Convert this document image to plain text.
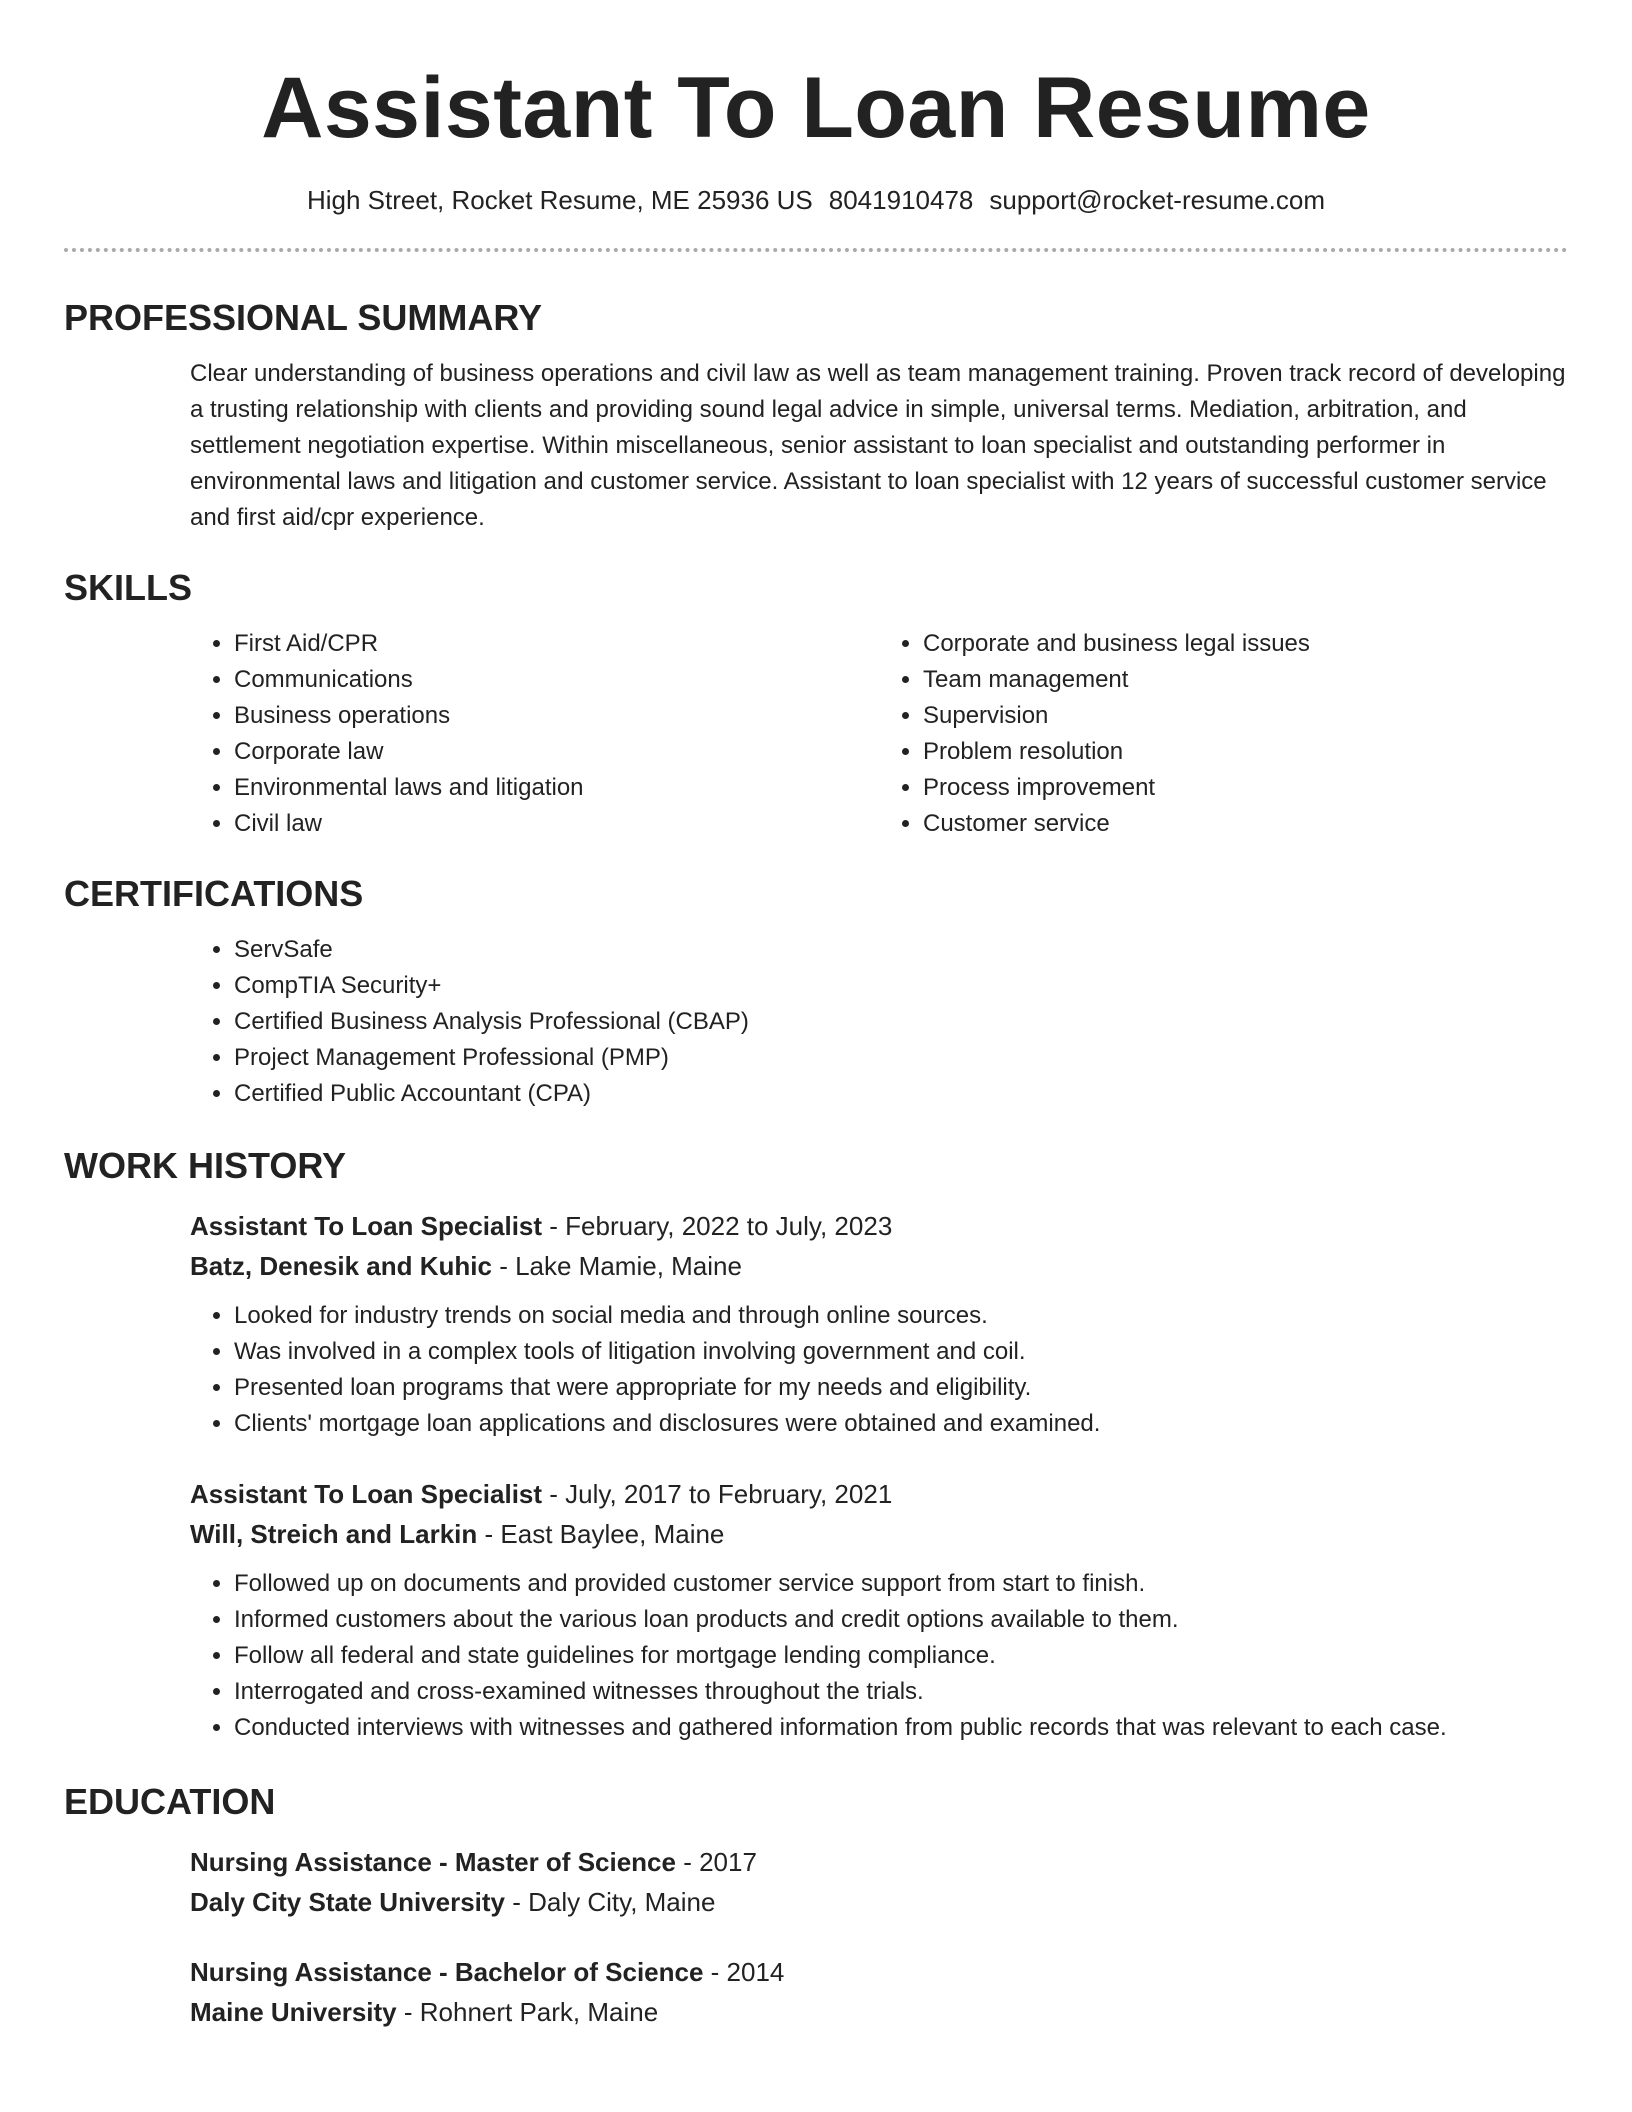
Assistant To Loan Resume
High Street, Rocket Resume, ME 25936 US 8041910478 support@rocket-resume.com
PROFESSIONAL SUMMARY
Clear understanding of business operations and civil law as well as team management training. Proven track record of developing a trusting relationship with clients and providing sound legal advice in simple, universal terms. Mediation, arbitration, and settlement negotiation expertise. Within miscellaneous, senior assistant to loan specialist and outstanding performer in environmental laws and litigation and customer service. Assistant to loan specialist with 12 years of successful customer service and first aid/cpr experience.
SKILLS
• First Aid/CPR
• Communications
• Business operations
• Corporate law
• Environmental laws and litigation
• Civil law
• Corporate and business legal issues
• Team management
• Supervision
• Problem resolution
• Process improvement
• Customer service
CERTIFICATIONS
• ServSafe
• CompTIA Security+
• Certified Business Analysis Professional (CBAP)
• Project Management Professional (PMP)
• Certified Public Accountant (CPA)
WORK HISTORY
Assistant To Loan Specialist - February, 2022 to July, 2023
Batz, Denesik and Kuhic - Lake Mamie, Maine
• Looked for industry trends on social media and through online sources.
• Was involved in a complex tools of litigation involving government and coil.
• Presented loan programs that were appropriate for my needs and eligibility.
• Clients' mortgage loan applications and disclosures were obtained and examined.
Assistant To Loan Specialist - July, 2017 to February, 2021
Will, Streich and Larkin - East Baylee, Maine
• Followed up on documents and provided customer service support from start to finish.
• Informed customers about the various loan products and credit options available to them.
• Follow all federal and state guidelines for mortgage lending compliance.
• Interrogated and cross-examined witnesses throughout the trials.
• Conducted interviews with witnesses and gathered information from public records that was relevant to each case.
EDUCATION
Nursing Assistance - Master of Science - 2017
Daly City State University - Daly City, Maine
Nursing Assistance - Bachelor of Science - 2014
Maine University - Rohnert Park, Maine
